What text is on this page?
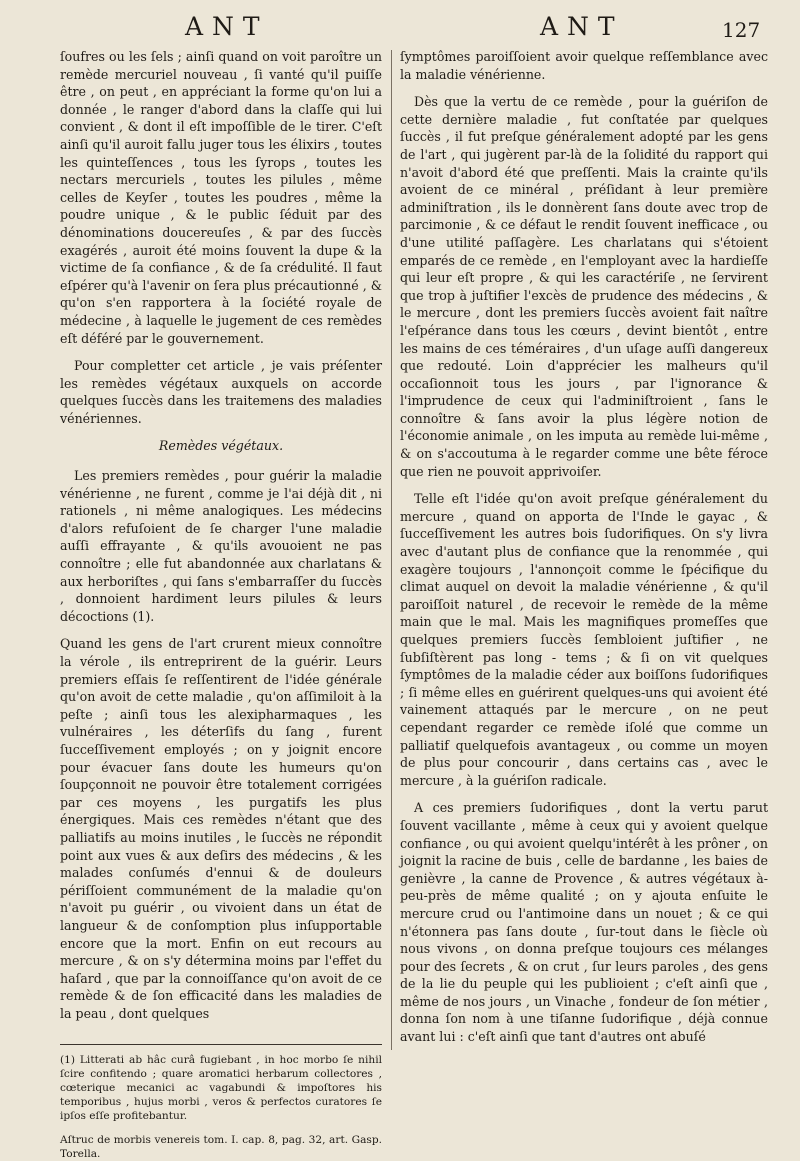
ANT	ANT	127

ſoufres ou les ſels ; ainſi quand on voit paroître un remède mercuriel nouveau , ſi vanté qu'il puiſſe être , on peut , en appréciant la forme qu'on lui a donnée , le ranger d'abord dans la claſſe qui lui convient , & dont il eſt impoſſible de le tirer. C'eſt ainſi qu'il auroit fallu juger tous les élixirs , toutes les quinteſſences , tous les ſyrops , toutes les nectars mercuriels , toutes les pilules , même celles de Keyſer , toutes les poudres , même la poudre unique , & le public ſéduit par des dénominations doucereuſes , & par des ſuccès exagérés , auroit été moins ſouvent la dupe & la victime de ſa confiance , & de ſa crédulité. Il faut eſpérer qu'à l'avenir on ſera plus précautionné , & qu'on s'en rapportera à la ſociété royale de médecine , à laquelle le jugement de ces remèdes eſt déféré par le gouvernement.

Pour completter cet article , je vais préſenter les remèdes végétaux auxquels on accorde quelques ſuccès dans les traitemens des maladies vénériennes.

Remèdes végétaux.

Les premiers remèdes , pour guérir la maladie vénérienne , ne furent , comme je l'ai déjà dit , ni rationels , ni même analogiques. Les médecins d'alors refuſoient de ſe charger l'une maladie auſſi effrayante , & qu'ils avouoient ne pas connoître ; elle fut abandonnée aux charlatans & aux herboriſtes , qui ſans s'embarraſſer du ſuccès , donnoient hardiment leurs pilules & leurs décoctions (1).

Quand les gens de l'art crurent mieux connoître la vérole , ils entreprirent de la guérir. Leurs premiers eſſais ſe reſſentirent de l'idée générale qu'on avoit de cette maladie , qu'on aſſimiloit à la peſte ; ainſi tous les alexipharmaques , les vulnéraires , les déterſifs du ſang , furent ſucceſſivement employés ; on y joignit encore pour évacuer ſans doute les humeurs qu'on ſoupçonnoit ne pouvoir être totalement corrigées par ces moyens , les purgatifs les plus énergiques. Mais ces remèdes n'étant que des palliatifs au moins inutiles , le ſuccès ne répondit point aux vues & aux deſirs des médecins , & les malades conſumés d'ennui & de douleurs périſſoient communément de la maladie qu'on n'avoit pu guérir , ou vivoient dans un état de langueur & de conſomption plus inſupportable encore que la mort. Enfin on eut recours au mercure , & on s'y détermina moins par l'effet du haſard , que par la connoiſſance qu'on avoit de ce remède & de ſon efficacité dans les maladies de la peau , dont quelques

(1) Litterati ab hâc curâ fugiebant , in hoc morbo ſe nihil ſcire confitendo ; quare aromatici herbarum collectores , cœterique mecanici ac vagabundi & impoſtores his temporibus , hujus morbi , veros & perfectos curatores ſe ipſos eſſe profitebantur.
Aſtruc de morbis venereis tom. I. cap. 8, pag. 32, art. Gasp. Torella.

ſymptômes paroiſſoient avoir quelque reſſemblance avec la maladie vénérienne.

Dès que la vertu de ce remède , pour la guériſon de cette dernière maladie , fut conſtatée par quelques ſuccès , il fut preſque généralement adopté par les gens de l'art , qui jugèrent par-là de la ſolidité du rapport qui n'avoit d'abord été que preſſenti. Mais la crainte qu'ils avoient de ce minéral , préſidant à leur première adminiſtration , ils le donnèrent ſans doute avec trop de parcimonie , & ce défaut le rendit ſouvent inefficace , ou d'une utilité paſſagère. Les charlatans qui s'étoient emparés de ce remède , en l'employant avec la hardieſſe qui leur eſt propre , & qui les caractériſe , ne ſervirent que trop à juſtifier l'excès de prudence des médecins , & le mercure , dont les premiers ſuccès avoient fait naître l'eſpérance dans tous les cœurs , devint bientôt , entre les mains de ces téméraires , d'un uſage auſſi dangereux que redouté. Loin d'apprécier les malheurs qu'il occaſionnoit tous les jours , par l'ignorance & l'imprudence de ceux qui l'adminiſtroient , ſans le connoître & ſans avoir la plus légère notion de l'économie animale , on les imputa au remède lui-même , & on s'accoutuma à le regarder comme une bête féroce que rien ne pouvoit apprivoiſer.

Telle eſt l'idée qu'on avoit preſque généralement du mercure , quand on apporta de l'Inde le gayac , & ſucceſſivement les autres bois ſudorifiques. On s'y livra avec d'autant plus de confiance que la renommée , qui exagère toujours , l'annonçoit comme le ſpécifique du climat auquel on devoit la maladie vénérienne , & qu'il paroiſſoit naturel , de recevoir le remède de la même main que le mal. Mais les magnifiques promeſſes que quelques premiers ſuccès ſembloient juſtifier , ne ſubſiſtèrent pas long - tems ; & ſi on vit quelques ſymptômes de la maladie céder aux boiſſons ſudorifiques ; ſi même elles en guérirent quelques-uns qui avoient été vainement attaqués par le mercure , on ne peut cependant regarder ce remède iſolé que comme un palliatif quelquefois avantageux , ou comme un moyen de plus pour concourir , dans certains cas , avec le mercure , à la guériſon radicale.

A ces premiers ſudorifiques , dont la vertu parut ſouvent vacillante , même à ceux qui y avoient quelque confiance , ou qui avoient quelqu'intérêt à les prôner , on joignit la racine de buis , celle de bardanne , les baies de genièvre , la canne de Provence , & autres végétaux à-peu-près de même qualité ; on y ajouta enſuite le mercure crud ou l'antimoine dans un nouet ; & ce qui n'étonnera pas ſans doute , ſur-tout dans le ſiècle où nous vivons , on donna preſque toujours ces mélanges pour des ſecrets , & on crut , ſur leurs paroles , des gens de la lie du peuple qui les publioient ; c'eſt ainſi que , même de nos jours , un Vinache , fondeur de ſon métier , donna ſon nom à une tiſanne ſudorifique , déjà connue avant lui : c'eſt ainſi que tant d'autres ont abuſé
